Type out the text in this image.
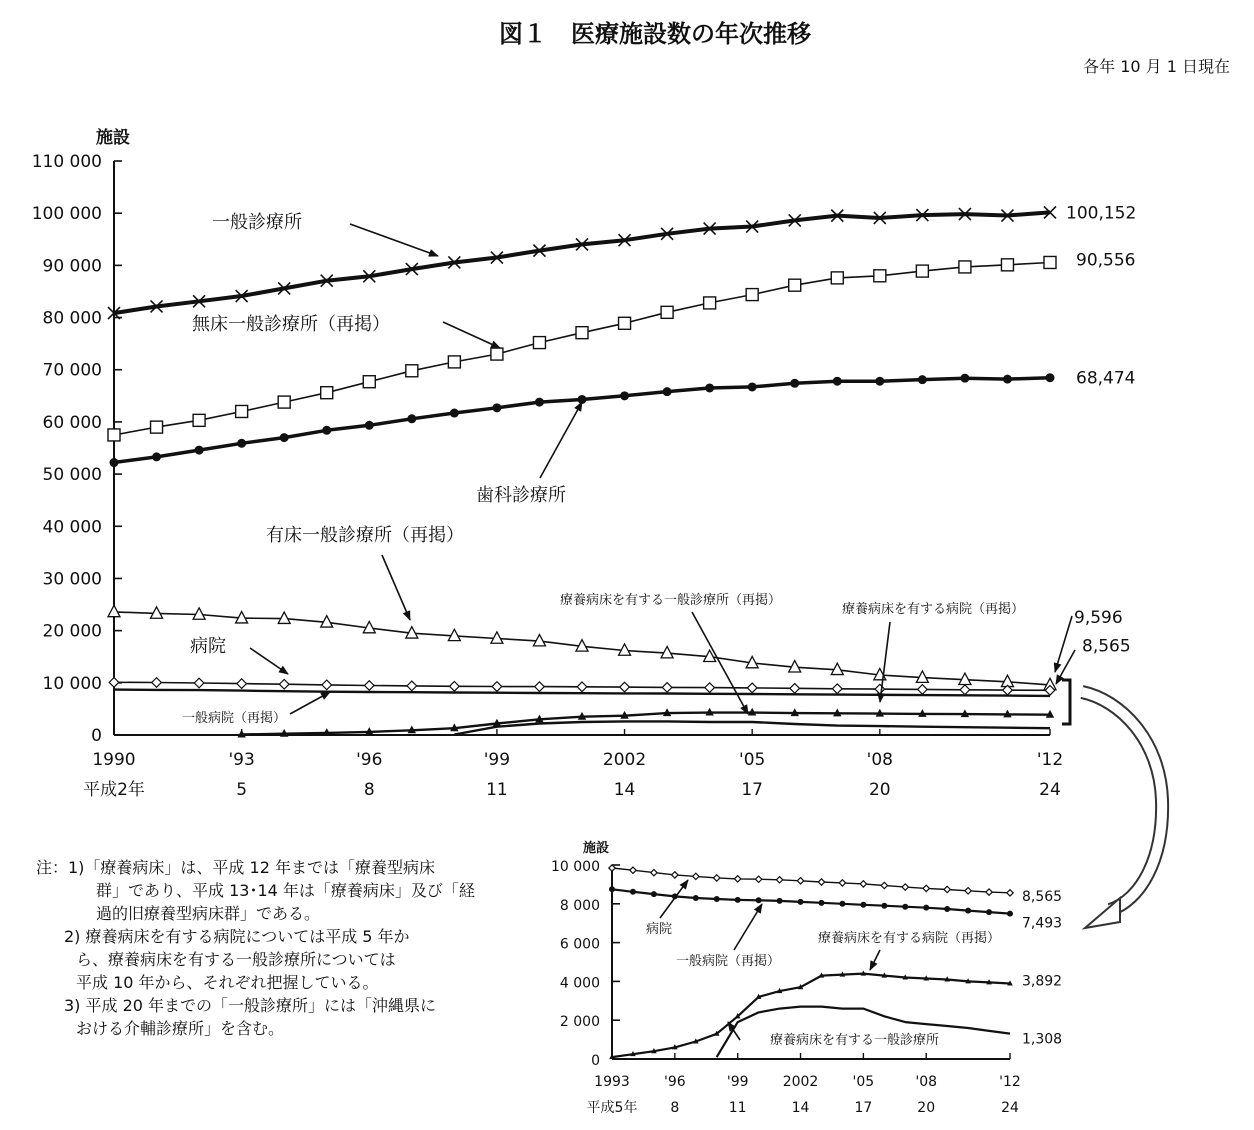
図１　医療施設数の年次推移
各年 10 月 1 日現在
施設
0
10 000
20 000
30 000
40 000
50 000
60 000
70 000
80 000
90 000
100 000
110 000
1990
平成2年
'93
5
'96
8
'99
11
2002
14
'05
17
'08
20
'12
24
100,152
90,556
68,474
9,596
8,565
一般診療所
無床一般診療所（再掲）
歯科診療所
有床一般診療所（再掲）
病院
一般病院（再掲）
療養病床を有する一般診療所（再掲）
療養病床を有する病院（再掲）
施設
0
2 000
4 000
6 000
8 000
10 000
1993
平成5年
'96
8
'99
11
2002
14
'05
17
'08
20
'12
24
8,565
7,493
3,892
1,308
病院
一般病院（再掲）
療養病床を有する病院（再掲）
療養病床を有する一般診療所
注：1)「療養病床」は、平成 12 年までは「療養型病床
群」であり、平成 13･14 年は「療養病床」及び「経
過的旧療養型病床群」である。
2) 療養病床を有する病院については平成 5 年か
ら、療養病床を有する一般診療所については
平成 10 年から、それぞれ把握している。
3) 平成 20 年までの「一般診療所」には「沖縄県に
おける介輔診療所」を含む。
